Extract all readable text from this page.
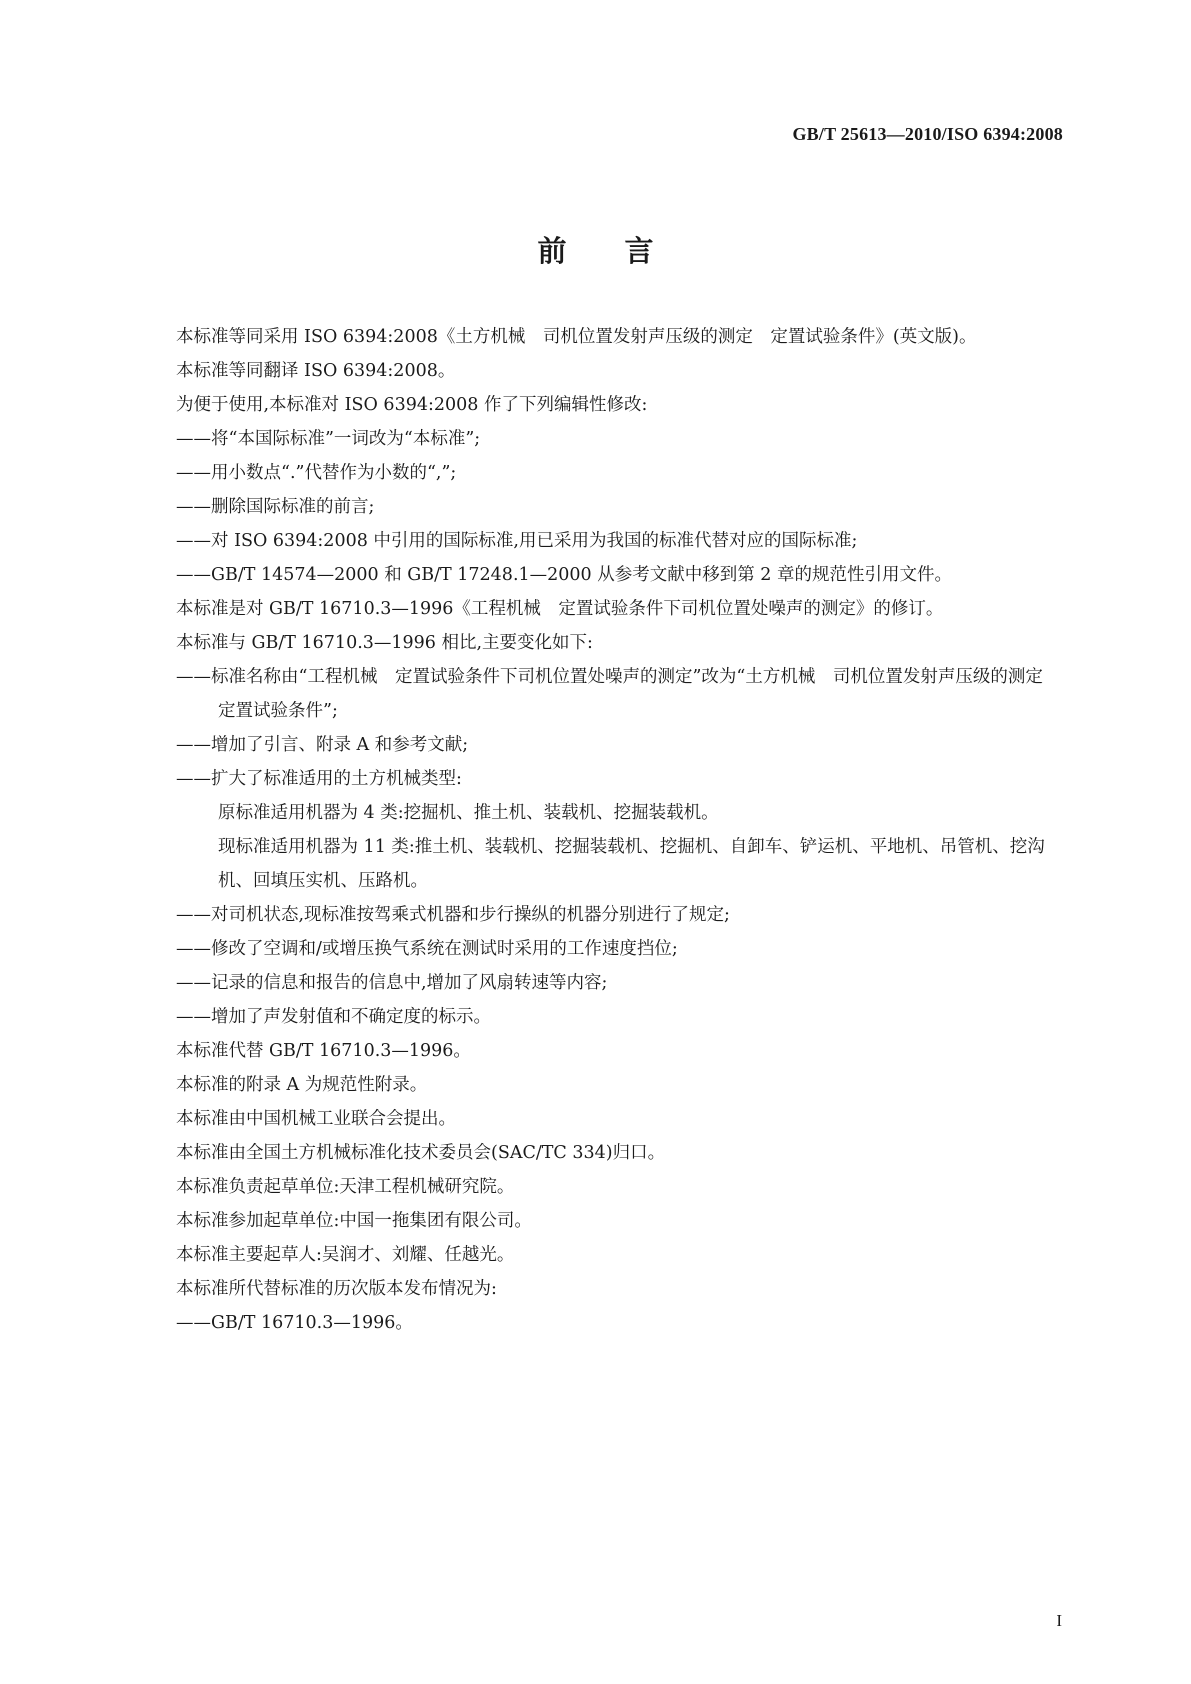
GB/T 25613—2010/ISO 6394:2008
前　　言

本标准等同采用 ISO 6394:2008《土方机械　司机位置发射声压级的测定　定置试验条件》(英文版)。

本标准等同翻译 ISO 6394:2008。

为便于使用,本标准对 ISO 6394:2008 作了下列编辑性修改:

——将“本国际标准”一词改为“本标准”;

——用小数点“.”代替作为小数的“,”;

——删除国际标准的前言;

——对 ISO 6394:2008 中引用的国际标准,用已采用为我国的标准代替对应的国际标准;

——GB/T 14574—2000 和 GB/T 17248.1—2000 从参考文献中移到第 2 章的规范性引用文件。

本标准是对 GB/T 16710.3—1996《工程机械　定置试验条件下司机位置处噪声的测定》的修订。

本标准与 GB/T 16710.3—1996 相比,主要变化如下:

——标准名称由“工程机械　定置试验条件下司机位置处噪声的测定”改为“土方机械　司机位置发射声压级的测定　定置试验条件”;

——增加了引言、附录 A 和参考文献;

——扩大了标准适用的土方机械类型:

原标准适用机器为 4 类:挖掘机、推土机、装载机、挖掘装载机。

现标准适用机器为 11 类:推土机、装载机、挖掘装载机、挖掘机、自卸车、铲运机、平地机、吊管机、挖沟机、回填压实机、压路机。

——对司机状态,现标准按驾乘式机器和步行操纵的机器分别进行了规定;

——修改了空调和/或增压换气系统在测试时采用的工作速度挡位;

——记录的信息和报告的信息中,增加了风扇转速等内容;

——增加了声发射值和不确定度的标示。

本标准代替 GB/T 16710.3—1996。

本标准的附录 A 为规范性附录。

本标准由中国机械工业联合会提出。

本标准由全国土方机械标准化技术委员会(SAC/TC 334)归口。

本标准负责起草单位:天津工程机械研究院。

本标准参加起草单位:中国一拖集团有限公司。

本标准主要起草人:吴润才、刘耀、任越光。

本标准所代替标准的历次版本发布情况为:

——GB/T 16710.3—1996。

I
